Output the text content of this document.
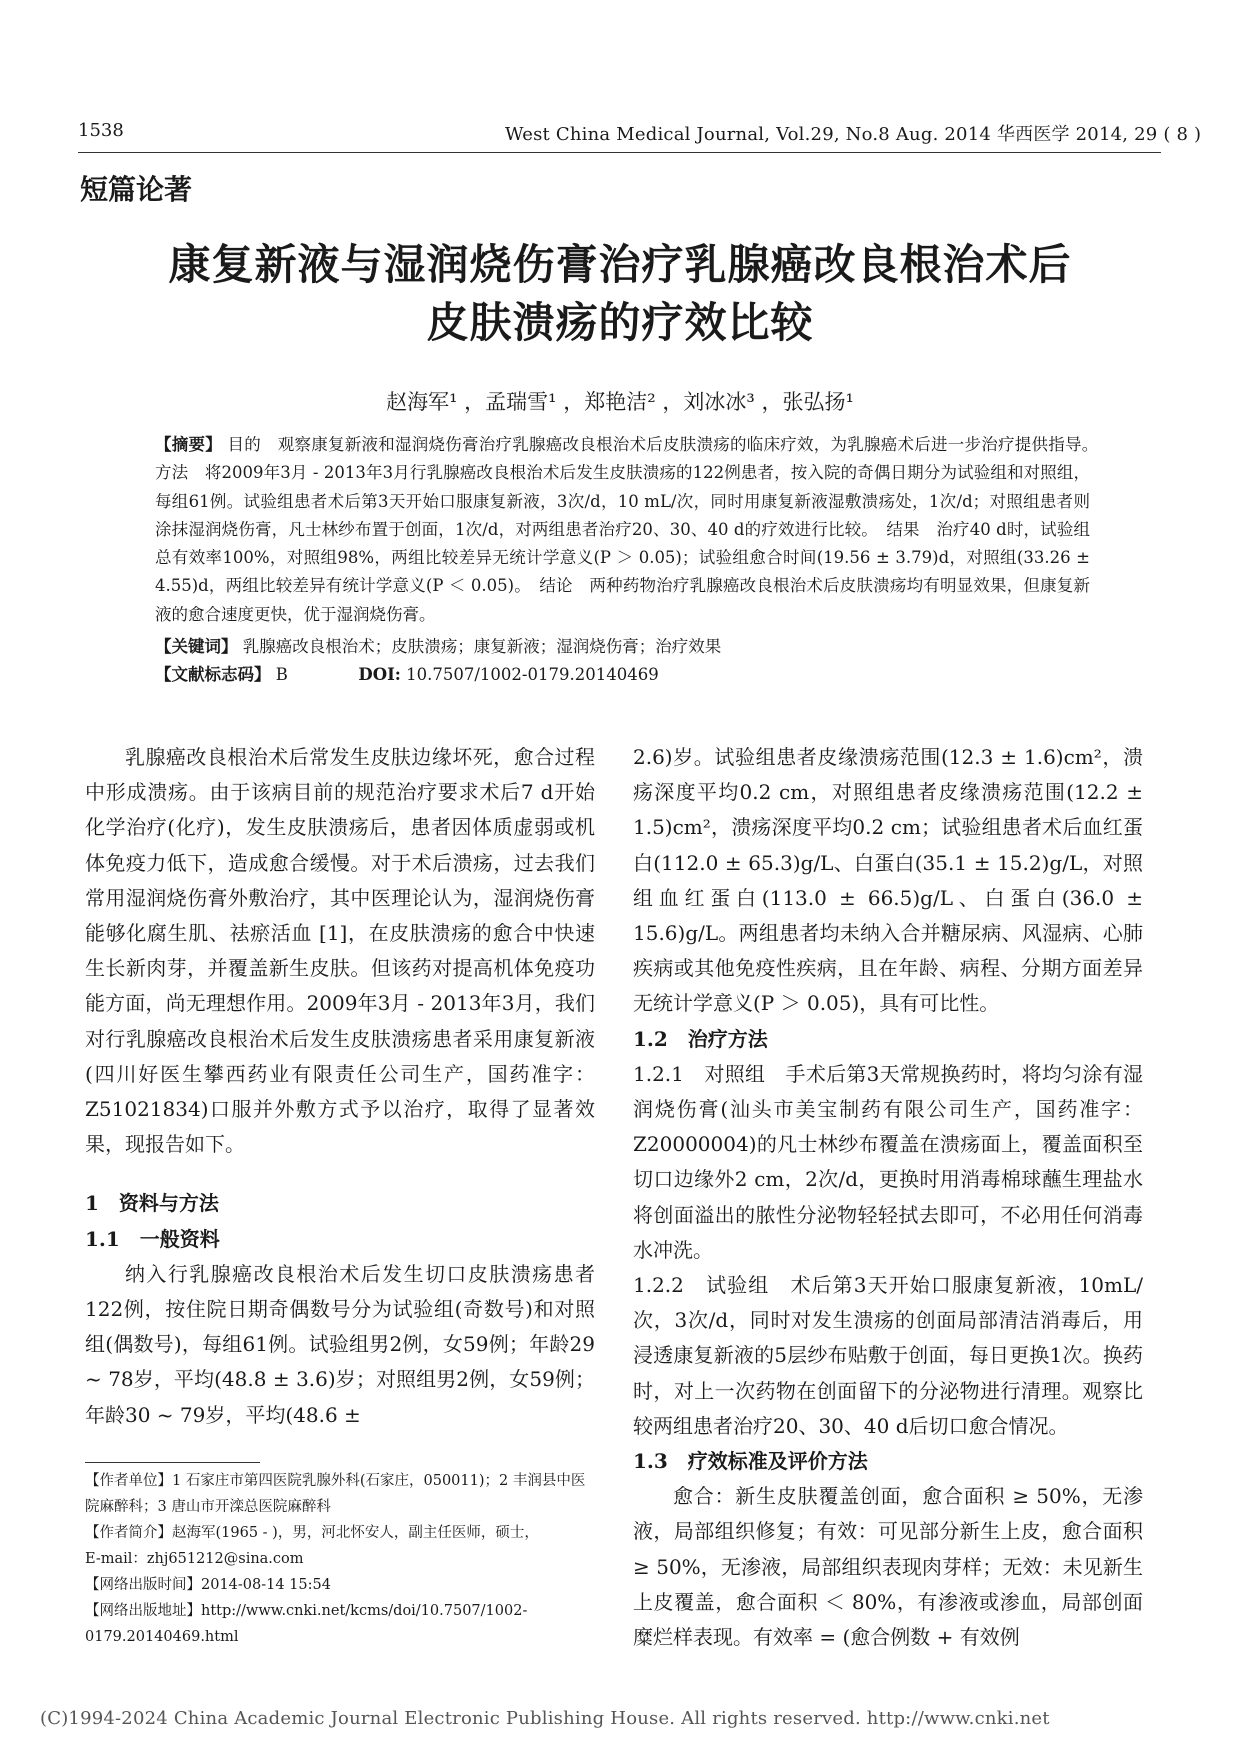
1538	West China Medical Journal, Vol.29, No.8 Aug. 2014 华西医学 2014, 29 ( 8 )
短篇论著
康复新液与湿润烧伤膏治疗乳腺癌改良根治术后
皮肤溃疡的疗效比较
赵海军¹ ，孟瑞雪¹ ，郑艳洁² ，刘冰冰³ ，张弘扬¹

【摘要】 目的　观察康复新液和湿润烧伤膏治疗乳腺癌改良根治术后皮肤溃疡的临床疗效，为乳腺癌术后进一步治疗提供指导。　方法　将2009年3月 - 2013年3月行乳腺癌改良根治术后发生皮肤溃疡的122例患者，按入院的奇偶日期分为试验组和对照组，每组61例。试验组患者术后第3天开始口服康复新液，3次/d，10 mL/次，同时用康复新液湿敷溃疡处，1次/d；对照组患者则涂抹湿润烧伤膏，凡士林纱布置于创面，1次/d，对两组患者治疗20、30、40 d的疗效进行比较。　结果　治疗40 d时，试验组总有效率100%，对照组98%，两组比较差异无统计学意义(P ＞ 0.05)；试验组愈合时间(19.56 ± 3.79)d，对照组(33.26 ± 4.55)d，两组比较差异有统计学意义(P ＜ 0.05)。　结论　两种药物治疗乳腺癌改良根治术后皮肤溃疡均有明显效果，但康复新液的愈合速度更快，优于湿润烧伤膏。

【关键词】 乳腺癌改良根治术；皮肤溃疡；康复新液；湿润烧伤膏；治疗效果

【文献标志码】 B	DOI: 10.7507/1002-0179.20140469

乳腺癌改良根治术后常发生皮肤边缘坏死，愈合过程中形成溃疡。由于该病目前的规范治疗要求术后7 d开始化学治疗(化疗)，发生皮肤溃疡后，患者因体质虚弱或机体免疫力低下，造成愈合缓慢。对于术后溃疡，过去我们常用湿润烧伤膏外敷治疗，其中医理论认为，湿润烧伤膏能够化腐生肌、祛瘀活血 [1]，在皮肤溃疡的愈合中快速生长新肉芽，并覆盖新生皮肤。但该药对提高机体免疫功能方面，尚无理想作用。2009年3月 - 2013年3月，我们对行乳腺癌改良根治术后发生皮肤溃疡患者采用康复新液(四川好医生攀西药业有限责任公司生产，国药准字：Z51021834)口服并外敷方式予以治疗，取得了显著效果，现报告如下。

1　资料与方法

1.1　一般资料

纳入行乳腺癌改良根治术后发生切口皮肤溃疡患者122例，按住院日期奇偶数号分为试验组(奇数号)和对照组(偶数号)，每组61例。试验组男2例，女59例；年龄29 ~ 78岁，平均(48.8 ± 3.6)岁；对照组男2例，女59例；年龄30 ~ 79岁，平均(48.6 ±

2.6)岁。试验组患者皮缘溃疡范围(12.3 ± 1.6)cm²，溃疡深度平均0.2 cm，对照组患者皮缘溃疡范围(12.2 ± 1.5)cm²，溃疡深度平均0.2 cm；试验组患者术后血红蛋白(112.0 ± 65.3)g/L、白蛋白(35.1 ± 15.2)g/L，对照组血红蛋白(113.0 ± 66.5)g/L、白蛋白(36.0 ± 15.6)g/L。两组患者均未纳入合并糖尿病、风湿病、心肺疾病或其他免疫性疾病，且在年龄、病程、分期方面差异无统计学意义(P ＞ 0.05)，具有可比性。

1.2　治疗方法

1.2.1　对照组　手术后第3天常规换药时，将均匀涂有湿润烧伤膏(汕头市美宝制药有限公司生产，国药准字：Z20000004)的凡士林纱布覆盖在溃疡面上，覆盖面积至切口边缘外2 cm，2次/d，更换时用消毒棉球蘸生理盐水将创面溢出的脓性分泌物轻轻拭去即可，不必用任何消毒水冲洗。

1.2.2　试验组　术后第3天开始口服康复新液，10mL/次，3次/d，同时对发生溃疡的创面局部清洁消毒后，用浸透康复新液的5层纱布贴敷于创面，每日更换1次。换药时，对上一次药物在创面留下的分泌物进行清理。观察比较两组患者治疗20、30、40 d后切口愈合情况。

1.3　疗效标准及评价方法

愈合：新生皮肤覆盖创面，愈合面积 ≥ 50%，无渗液，局部组织修复；有效：可见部分新生上皮，愈合面积 ≥ 50%，无渗液，局部组织表现肉芽样；无效：未见新生上皮覆盖，愈合面积 ＜ 80%，有渗液或渗血，局部创面糜烂样表现。有效率 = (愈合例数 + 有效例

【作者单位】1 石家庄市第四医院乳腺外科(石家庄，050011)；2 丰润县中医院麻醉科；3 唐山市开滦总医院麻醉科

【作者简介】赵海军(1965 - )，男，河北怀安人，副主任医师，硕士，

E-mail：zhj651212@sina.com

【网络出版时间】2014-08-14 15:54

【网络出版地址】http://www.cnki.net/kcms/doi/10.7507/1002-0179.20140469.html

(C)1994-2024 China Academic Journal Electronic Publishing House. All rights reserved. http://www.cnki.net
